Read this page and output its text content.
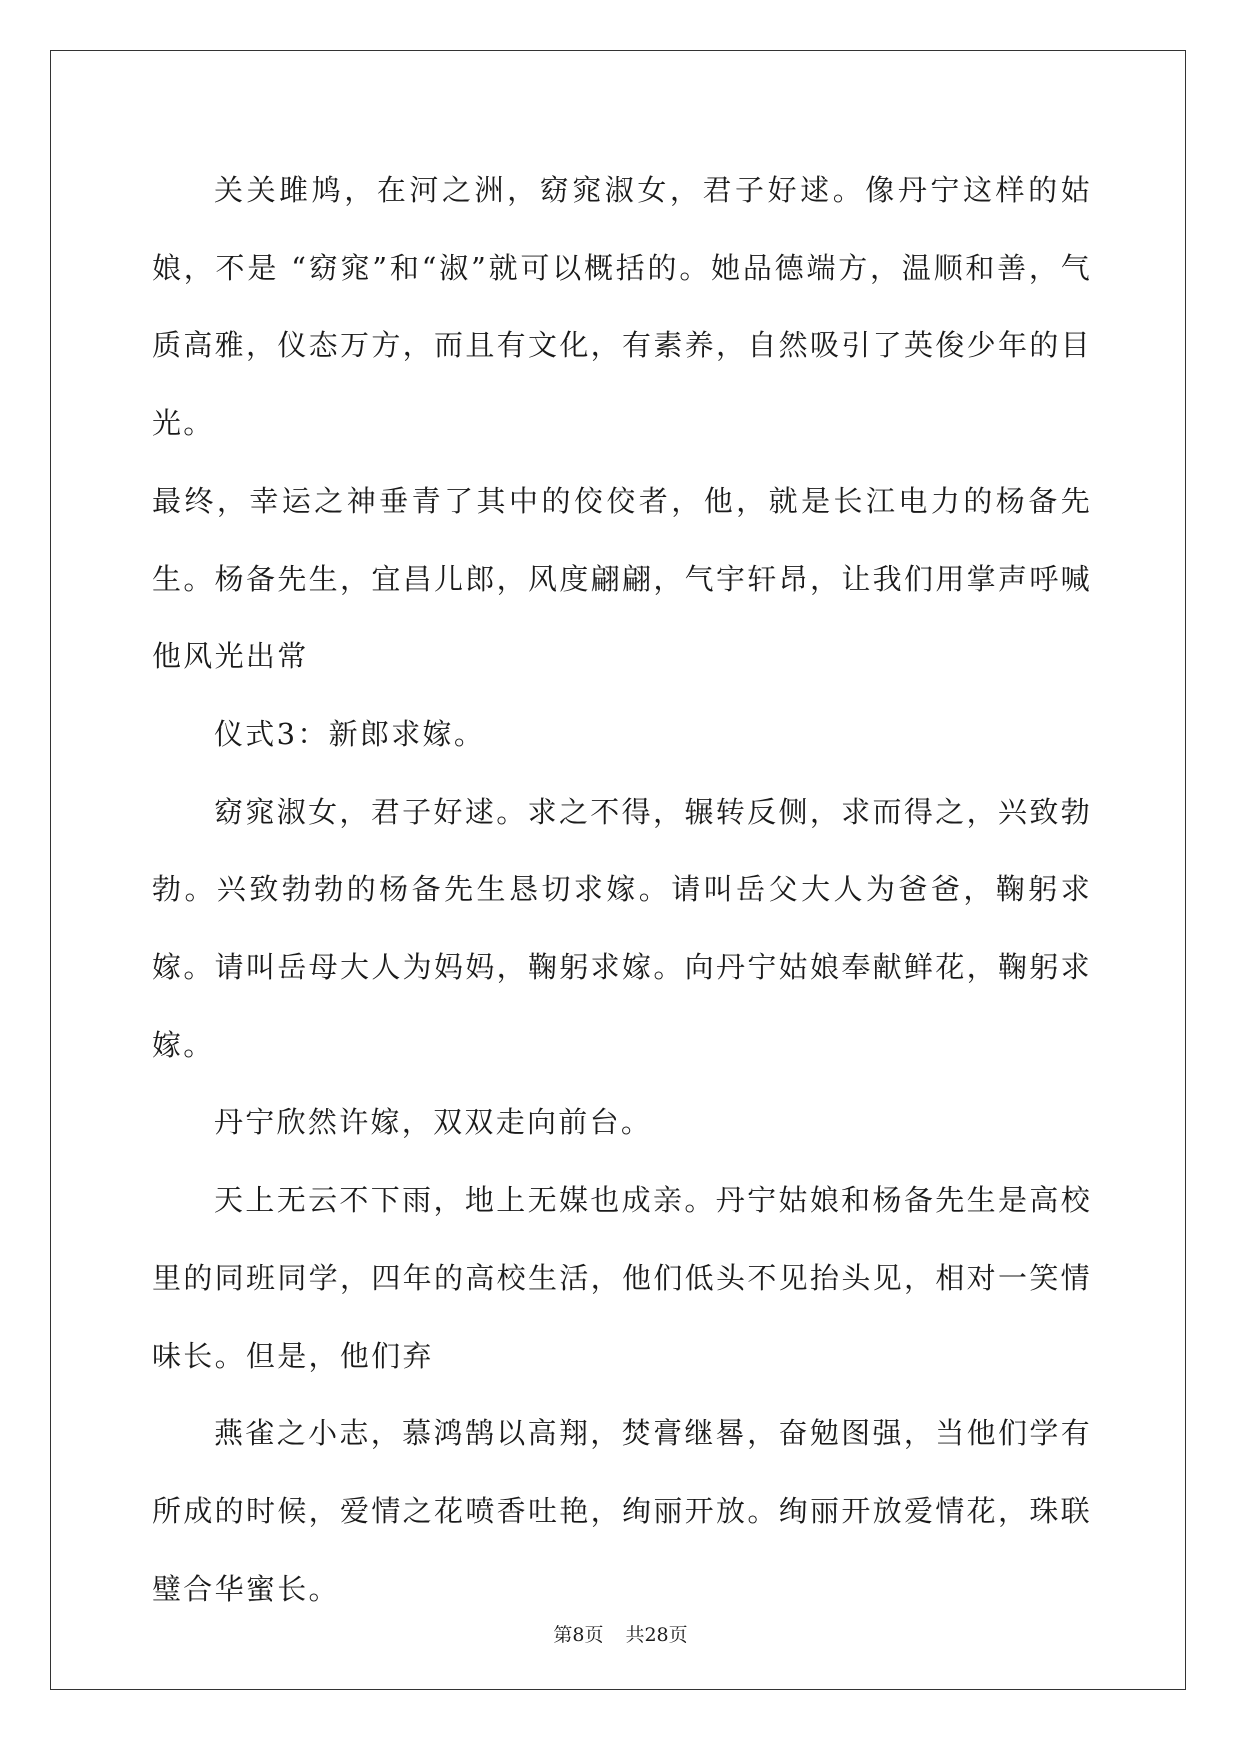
关关雎鸠，在河之洲，窈窕淑女，君子好逑。像丹宁这样的姑娘，不是 “窈窕”和“淑”就可以概括的。她品德端方，温顺和善，气质高雅，仪态万方，而且有文化，有素养，自然吸引了英俊少年的目光。

最终，幸运之神垂青了其中的佼佼者，他，就是长江电力的杨备先生。杨备先生，宜昌儿郎，风度翩翩，气宇轩昂，让我们用掌声呼喊他风光出常

仪式3：新郎求嫁。

窈窕淑女，君子好逑。求之不得，辗转反侧，求而得之，兴致勃勃。兴致勃勃的杨备先生恳切求嫁。请叫岳父大人为爸爸，鞠躬求嫁。请叫岳母大人为妈妈，鞠躬求嫁。向丹宁姑娘奉献鲜花，鞠躬求嫁。

丹宁欣然许嫁，双双走向前台。

天上无云不下雨，地上无媒也成亲。丹宁姑娘和杨备先生是高校里的同班同学，四年的高校生活，他们低头不见抬头见，相对一笑情味长。但是，他们弃

燕雀之小志，慕鸿鹄以高翔，焚膏继晷，奋勉图强，当他们学有所成的时候，爱情之花喷香吐艳，绚丽开放。绚丽开放爱情花，珠联璧合华蜜长。

第8页 共28页
